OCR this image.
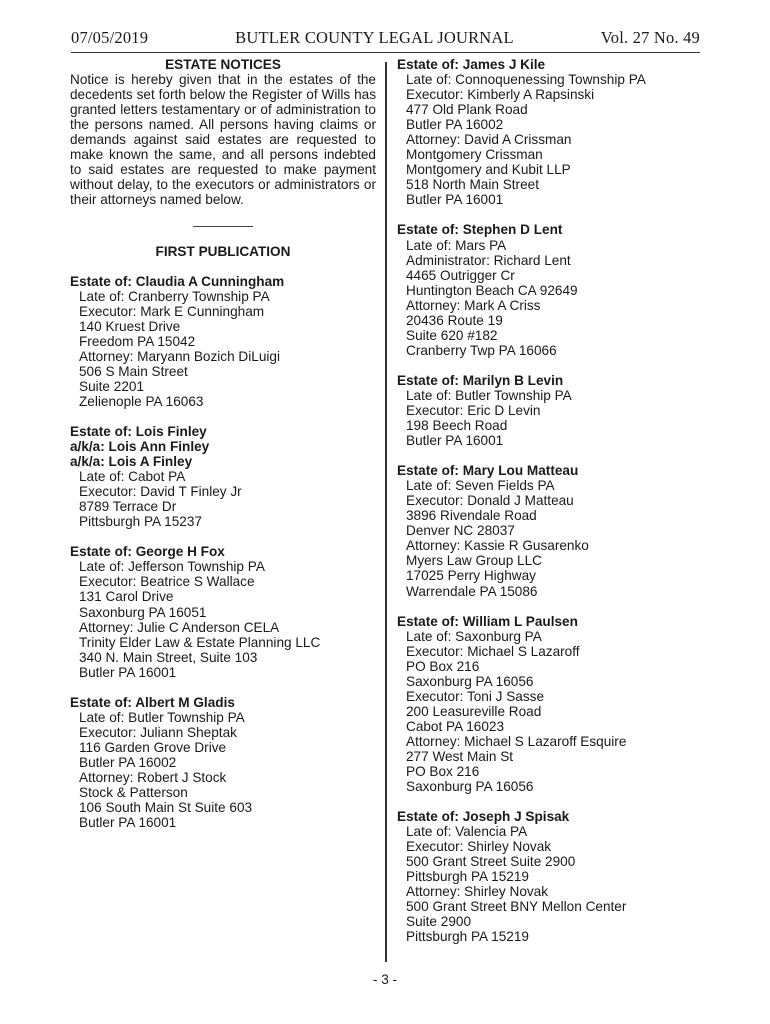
07/05/2019	BUTLER COUNTY LEGAL JOURNAL	Vol. 27 No. 49
ESTATE NOTICES
Notice is hereby given that in the estates of the decedents set forth below the Register of Wills has granted letters testamentary or of administration to the persons named. All persons having claims or demands against said estates are requested to make known the same, and all persons indebted to said estates are requested to make payment without delay, to the executors or administrators or their attorneys named below.
FIRST PUBLICATION
Estate of: Claudia A Cunningham
Late of: Cranberry Township PA
Executor: Mark E Cunningham
140 Kruest Drive
Freedom PA 15042
Attorney: Maryann Bozich DiLuigi
506 S Main Street
Suite 2201
Zelienople PA 16063
Estate of: Lois Finley
a/k/a: Lois Ann Finley
a/k/a: Lois A Finley
Late of: Cabot PA
Executor: David T Finley Jr
8789 Terrace Dr
Pittsburgh PA 15237
Estate of: George H Fox
Late of: Jefferson Township PA
Executor: Beatrice S Wallace
131 Carol Drive
Saxonburg PA 16051
Attorney: Julie C Anderson CELA
Trinity Elder Law & Estate Planning LLC
340 N. Main Street, Suite 103
Butler PA 16001
Estate of: Albert M Gladis
Late of: Butler Township PA
Executor: Juliann Sheptak
116 Garden Grove Drive
Butler PA 16002
Attorney: Robert J Stock
Stock & Patterson
106 South Main St Suite 603
Butler PA 16001
Estate of: James J Kile
Late of: Connoquenessing Township PA
Executor: Kimberly A Rapsinski
477 Old Plank Road
Butler PA 16002
Attorney: David A Crissman
Montgomery Crissman
Montgomery and Kubit LLP
518 North Main Street
Butler PA 16001
Estate of: Stephen D Lent
Late of: Mars PA
Administrator: Richard Lent
4465 Outrigger Cr
Huntington Beach CA 92649
Attorney: Mark A Criss
20436 Route 19
Suite 620 #182
Cranberry Twp PA 16066
Estate of: Marilyn B Levin
Late of: Butler Township PA
Executor: Eric D Levin
198 Beech Road
Butler PA 16001
Estate of: Mary Lou Matteau
Late of: Seven Fields PA
Executor: Donald J Matteau
3896 Rivendale Road
Denver NC 28037
Attorney: Kassie R Gusarenko
Myers Law Group LLC
17025 Perry Highway
Warrendale PA 15086
Estate of: William L Paulsen
Late of: Saxonburg PA
Executor: Michael S Lazaroff
PO Box 216
Saxonburg PA 16056
Executor: Toni J Sasse
200 Leasureville Road
Cabot PA 16023
Attorney: Michael S Lazaroff Esquire
277 West Main St
PO Box 216
Saxonburg PA 16056
Estate of: Joseph J Spisak
Late of: Valencia PA
Executor: Shirley Novak
500 Grant Street Suite 2900
Pittsburgh PA 15219
Attorney: Shirley Novak
500 Grant Street BNY Mellon Center
Suite 2900
Pittsburgh PA 15219
- 3 -
